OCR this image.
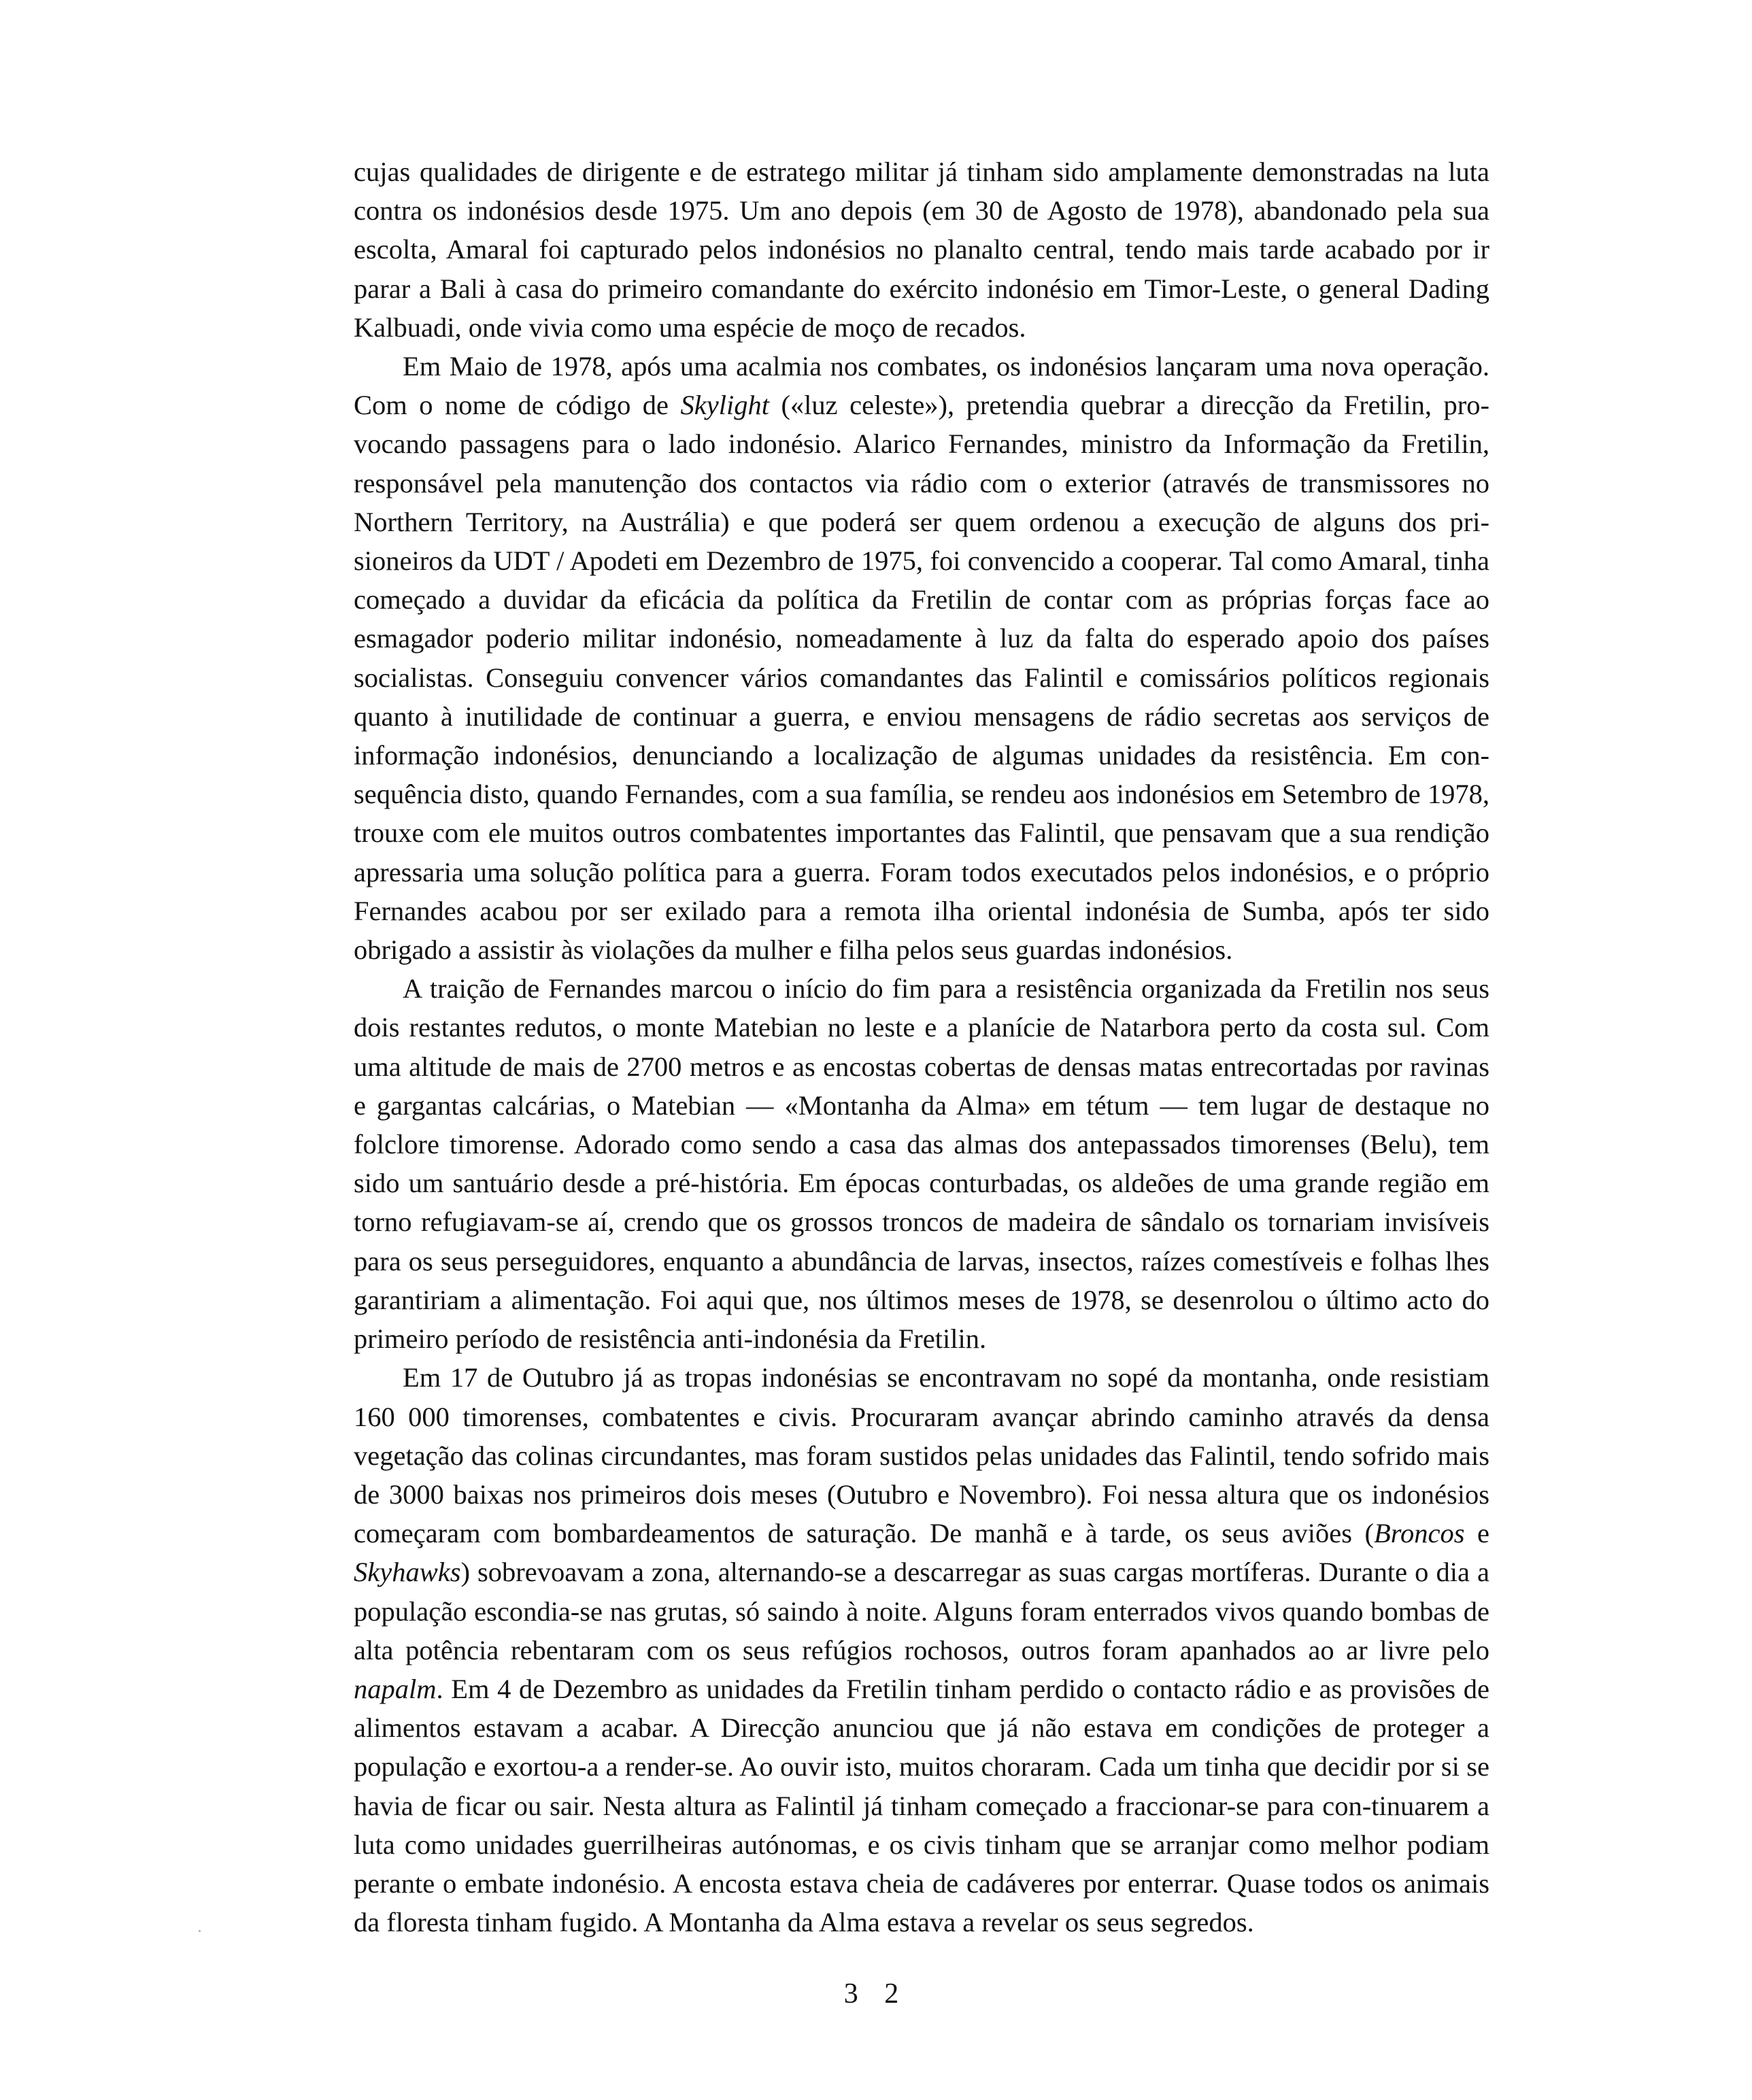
cujas qualidades de dirigente e de estratego militar já tinham sido amplamente demonstradas na luta contra os indonésios desde 1975. Um ano depois (em 30 de Agosto de 1978), abandonado pela sua escolta, Amaral foi capturado pelos indonésios no planalto central, tendo mais tarde acabado por ir parar a Bali à casa do primeiro comandante do exército indonésio em Timor-Leste, o general Dading Kalbuadi, onde vivia como uma espécie de moço de recados.

Em Maio de 1978, após uma acalmia nos combates, os indonésios lançaram uma nova operação. Com o nome de código de Skylight («luz celeste»), pretendia quebrar a direcção da Fretilin, pro-vocando passagens para o lado indonésio. Alarico Fernandes, ministro da Informação da Fretilin, responsável pela manutenção dos contactos via rádio com o exterior (através de transmissores no Northern Territory, na Austrália) e que poderá ser quem ordenou a execução de alguns dos pri-sioneiros da UDT / Apodeti em Dezembro de 1975, foi convencido a cooperar. Tal como Amaral, tinha começado a duvidar da eficácia da política da Fretilin de contar com as próprias forças face ao esmagador poderio militar indonésio, nomeadamente à luz da falta do esperado apoio dos países socialistas. Conseguiu convencer vários comandantes das Falintil e comissários políticos regionais quanto à inutilidade de continuar a guerra, e enviou mensagens de rádio secretas aos serviços de informação indonésios, denunciando a localização de algumas unidades da resistência. Em con-sequência disto, quando Fernandes, com a sua família, se rendeu aos indonésios em Setembro de 1978, trouxe com ele muitos outros combatentes importantes das Falintil, que pensavam que a sua rendição apressaria uma solução política para a guerra. Foram todos executados pelos indonésios, e o próprio Fernandes acabou por ser exilado para a remota ilha oriental indonésia de Sumba, após ter sido obrigado a assistir às violações da mulher e filha pelos seus guardas indonésios.

A traição de Fernandes marcou o início do fim para a resistência organizada da Fretilin nos seus dois restantes redutos, o monte Matebian no leste e a planície de Natarbora perto da costa sul. Com uma altitude de mais de 2700 metros e as encostas cobertas de densas matas entrecortadas por ravinas e gargantas calcárias, o Matebian — «Montanha da Alma» em tétum — tem lugar de destaque no folclore timorense. Adorado como sendo a casa das almas dos antepassados timorenses (Belu), tem sido um santuário desde a pré-história. Em épocas conturbadas, os aldeões de uma grande região em torno refugiavam-se aí, crendo que os grossos troncos de madeira de sândalo os tornariam invisíveis para os seus perseguidores, enquanto a abundância de larvas, insectos, raízes comestíveis e folhas lhes garantiriam a alimentação. Foi aqui que, nos últimos meses de 1978, se desenrolou o último acto do primeiro período de resistência anti-indonésia da Fretilin.

Em 17 de Outubro já as tropas indonésias se encontravam no sopé da montanha, onde resistiam 160 000 timorenses, combatentes e civis. Procuraram avançar abrindo caminho através da densa vegetação das colinas circundantes, mas foram sustidos pelas unidades das Falintil, tendo sofrido mais de 3000 baixas nos primeiros dois meses (Outubro e Novembro). Foi nessa altura que os indonésios começaram com bombardeamentos de saturação. De manhã e à tarde, os seus aviões (Broncos e Skyhawks) sobrevoavam a zona, alternando-se a descarregar as suas cargas mortíferas. Durante o dia a população escondia-se nas grutas, só saindo à noite. Alguns foram enterrados vivos quando bombas de alta potência rebentaram com os seus refúgios rochosos, outros foram apanhados ao ar livre pelo napalm. Em 4 de Dezembro as unidades da Fretilin tinham perdido o contacto rádio e as provisões de alimentos estavam a acabar. A Direcção anunciou que já não estava em condições de proteger a população e exortou-a a render-se. Ao ouvir isto, muitos choraram. Cada um tinha que decidir por si se havia de ficar ou sair. Nesta altura as Falintil já tinham começado a fraccionar-se para con-tinuarem a luta como unidades guerrilheiras autónomas, e os civis tinham que se arranjar como melhor podiam perante o embate indonésio. A encosta estava cheia de cadáveres por enterrar. Quase todos os animais da floresta tinham fugido. A Montanha da Alma estava a revelar os seus segredos.

3 2
